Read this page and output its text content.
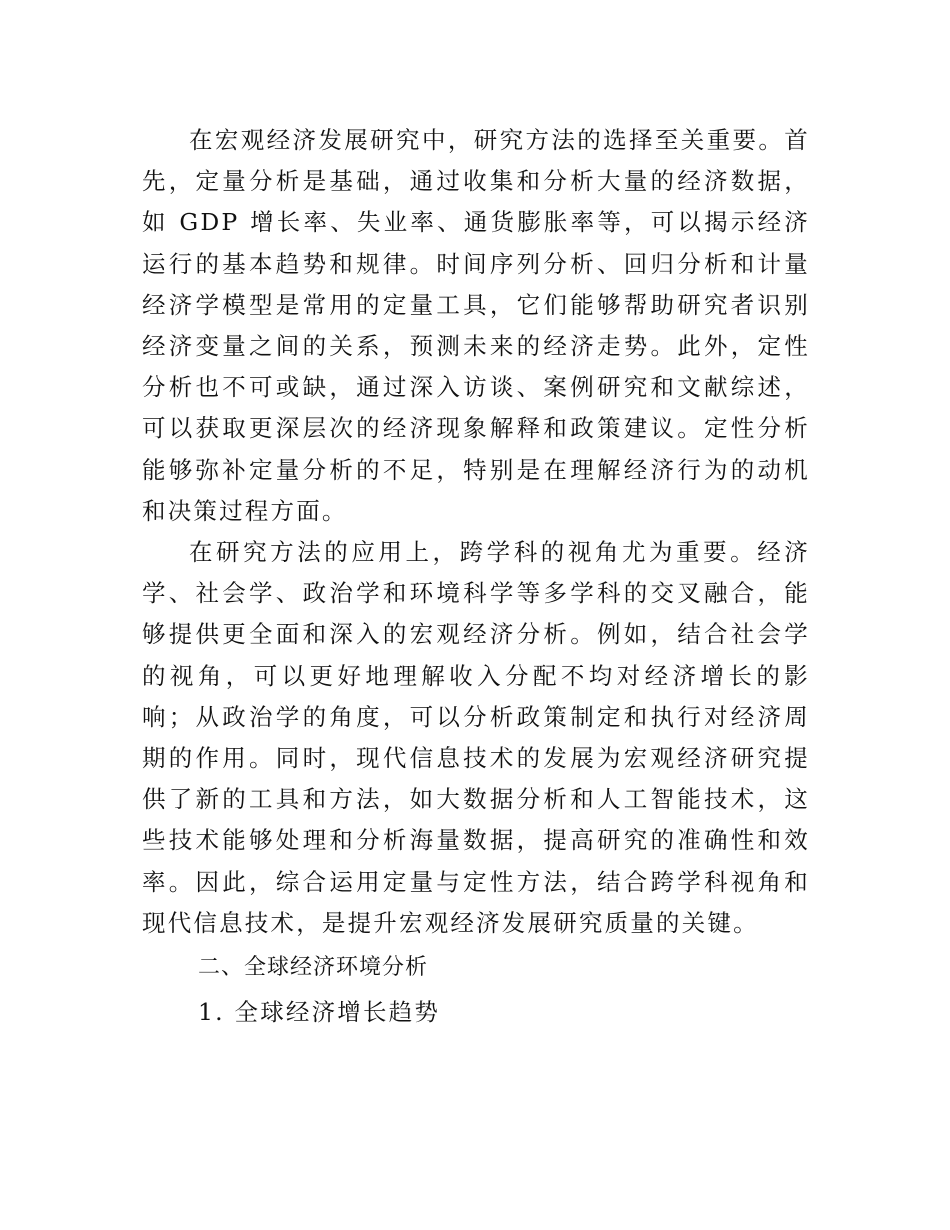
在宏观经济发展研究中，研究方法的选择至关重要。首先，定量分析是基础，通过收集和分析大量的经济数据，如 GDP 增长率、失业率、通货膨胀率等，可以揭示经济运行的基本趋势和规律。时间序列分析、回归分析和计量经济学模型是常用的定量工具，它们能够帮助研究者识别经济变量之间的关系，预测未来的经济走势。此外，定性分析也不可或缺，通过深入访谈、案例研究和文献综述，可以获取更深层次的经济现象解释和政策建议。定性分析能够弥补定量分析的不足，特别是在理解经济行为的动机和决策过程方面。

在研究方法的应用上，跨学科的视角尤为重要。经济学、社会学、政治学和环境科学等多学科的交叉融合，能够提供更全面和深入的宏观经济分析。例如，结合社会学的视角，可以更好地理解收入分配不均对经济增长的影响；从政治学的角度，可以分析政策制定和执行对经济周期的作用。同时，现代信息技术的发展为宏观经济研究提供了新的工具和方法，如大数据分析和人工智能技术，这些技术能够处理和分析海量数据，提高研究的准确性和效率。因此，综合运用定量与定性方法，结合跨学科视角和现代信息技术，是提升宏观经济发展研究质量的关键。

二、全球经济环境分析

1. 全球经济增长趋势
